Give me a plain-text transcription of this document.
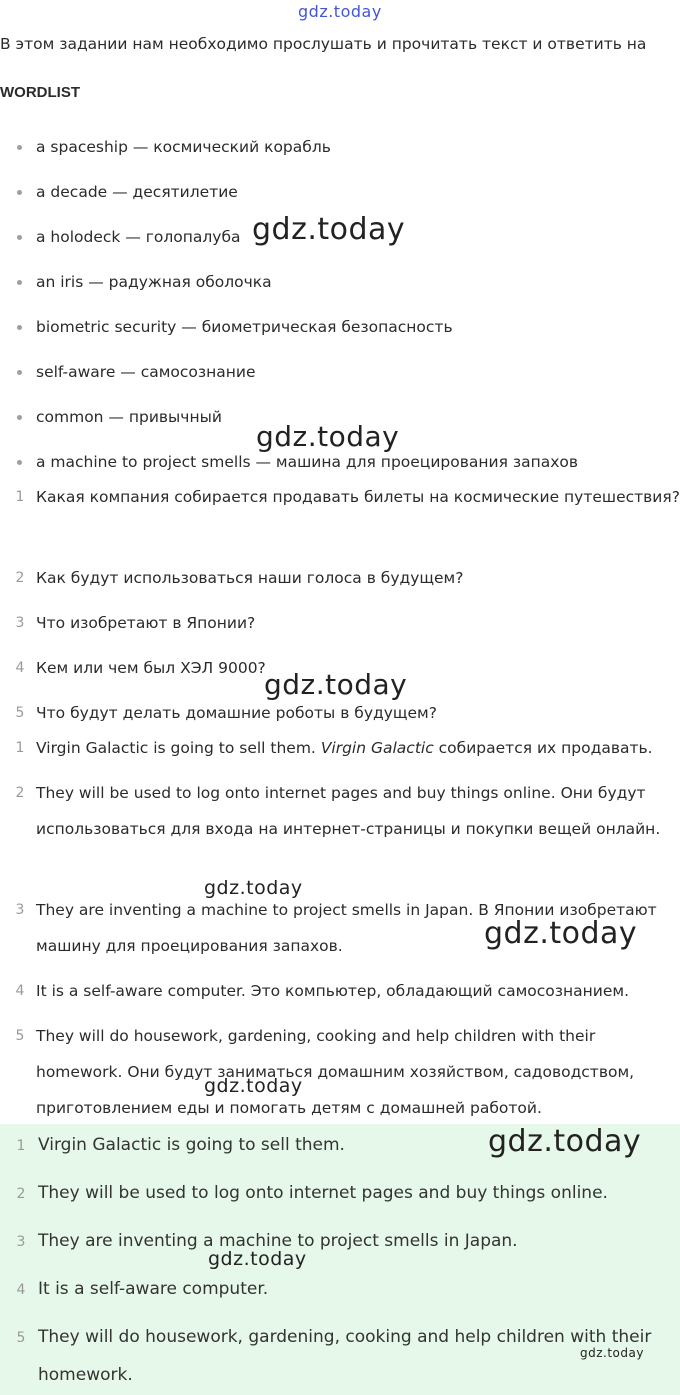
gdz.today
В этом задании нам необходимо прослушать и прочитать текст и ответить на
WORDLIST
a spaceship — космический корабль
a decade — десятилетие
a holodeck — голопалуба
an iris — радужная оболочка
biometric security — биометрическая безопасность
self-aware — самосознание
common — привычный
a machine to project smells — машина для проецирования запахов
1 Какая компания собирается продавать билеты на космические путешествия?
2 Как будут использоваться наши голоса в будущем?
3 Что изобретают в Японии?
4 Кем или чем был ХЭЛ 9000?
5 Что будут делать домашние роботы в будущем?
1 Virgin Galactic is going to sell them. Virgin Galactic собирается их продавать.
2 They will be used to log onto internet pages and buy things online. Они будут использоваться для входа на интернет-страницы и покупки вещей онлайн.
3 They are inventing a machine to project smells in Japan. В Японии изобретают машину для проецирования запахов.
4 It is a self-aware computer. Это компьютер, обладающий самосознанием.
5 They will do housework, gardening, cooking and help children with their homework. Они будут заниматься домашним хозяйством, садоводством, приготовлением еды и помогать детям с домашней работой.
1 Virgin Galactic is going to sell them.
2 They will be used to log onto internet pages and buy things online.
3 They are inventing a machine to project smells in Japan.
4 It is a self-aware computer.
5 They will do housework, gardening, cooking and help children with their homework.
gdz.today
gdz.today
gdz.today
gdz.today
gdz.today
gdz.today
gdz.today
gdz.today
gdz.today
